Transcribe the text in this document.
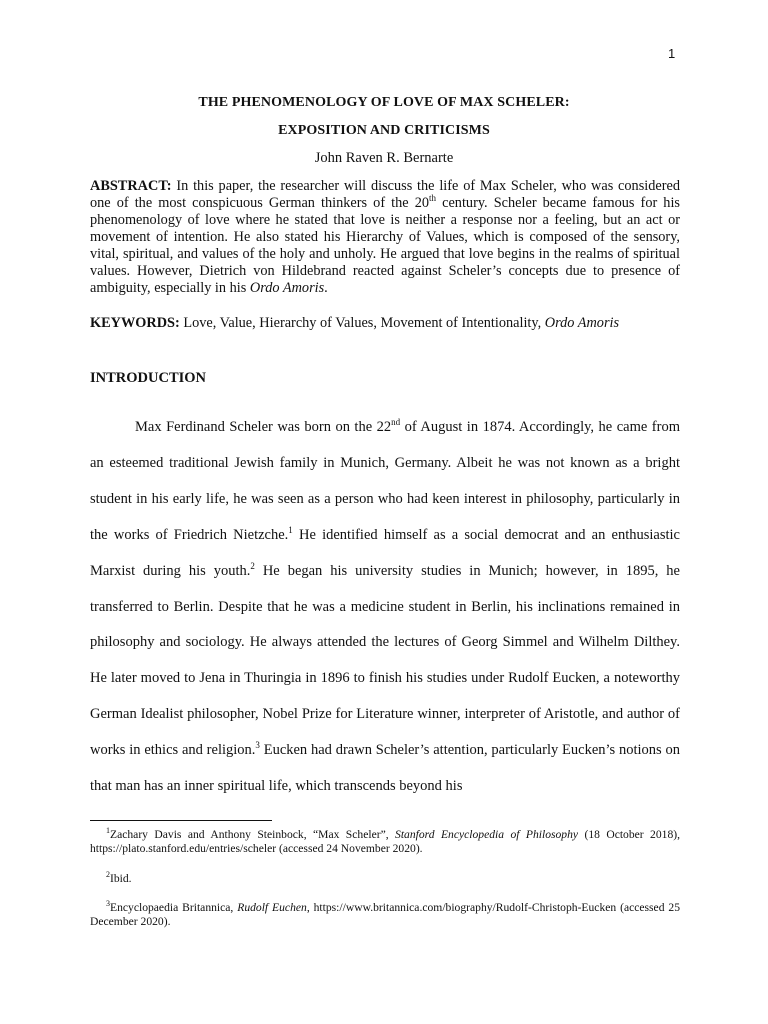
1
THE PHENOMENOLOGY OF LOVE OF MAX SCHELER:
EXPOSITION AND CRITICISMS
John Raven R. Bernarte

ABSTRACT: In this paper, the researcher will discuss the life of Max Scheler, who was considered one of the most conspicuous German thinkers of the 20th century. Scheler became famous for his phenomenology of love where he stated that love is neither a response nor a feeling, but an act or movement of intention. He also stated his Hierarchy of Values, which is composed of the sensory, vital, spiritual, and values of the holy and unholy. He argued that love begins in the realms of spiritual values. However, Dietrich von Hildebrand reacted against Scheler’s concepts due to presence of ambiguity, especially in his Ordo Amoris.

KEYWORDS: Love, Value, Hierarchy of Values, Movement of Intentionality, Ordo Amoris

INTRODUCTION

Max Ferdinand Scheler was born on the 22nd of August in 1874. Accordingly, he came from an esteemed traditional Jewish family in Munich, Germany. Albeit he was not known as a bright student in his early life, he was seen as a person who had keen interest in philosophy, particularly in the works of Friedrich Nietzche.$^1$ He identified himself as a social democrat and an enthusiastic Marxist during his youth.$^2$ He began his university studies in Munich; however, in 1895, he transferred to Berlin. Despite that he was a medicine student in Berlin, his inclinations remained in philosophy and sociology. He always attended the lectures of Georg Simmel and Wilhelm Dilthey. He later moved to Jena in Thuringia in 1896 to finish his studies under Rudolf Eucken, a noteworthy German Idealist philosopher, Nobel Prize for Literature winner, interpreter of Aristotle, and author of works in ethics and religion.$^3$ Eucken had drawn Scheler’s attention, particularly Eucken’s notions on that man has an inner spiritual life, which transcends beyond his

$^1$Zachary Davis and Anthony Steinbock, “Max Scheler”, Stanford Encyclopedia of Philosophy (18 October 2018), https://plato.stanford.edu/entries/scheler (accessed 24 November 2020).

$^2$Ibid.

$^3$Encyclopaedia Britannica, Rudolf Euchen, https://www.britannica.com/biography/Rudolf-Christoph-Eucken (accessed 25 December 2020).
